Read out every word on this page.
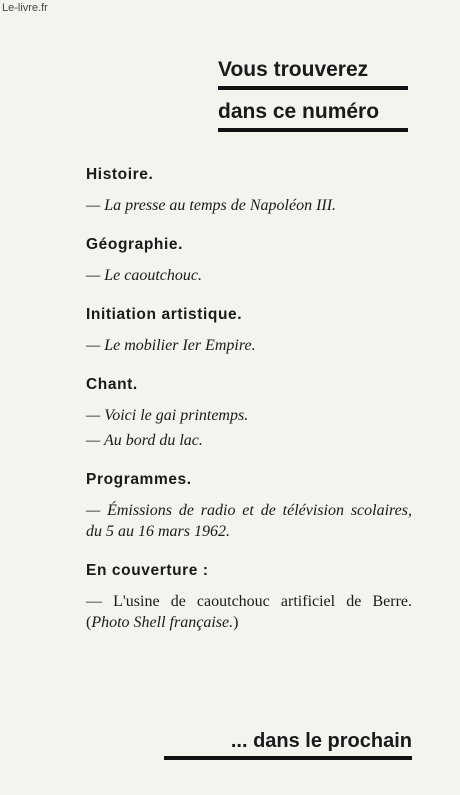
Le-livre.fr
Vous trouverez
dans ce numéro
Histoire.
— La presse au temps de Napoléon III.
Géographie.
— Le caoutchouc.
Initiation artistique.
— Le mobilier Ier Empire.
Chant.
— Voici le gai printemps.
— Au bord du lac.
Programmes.
— Émissions de radio et de télévision scolaires, du 5 au 16 mars 1962.
En couverture :
— L'usine de caoutchouc artificiel de Berre. (Photo Shell française.)
... dans le prochain
